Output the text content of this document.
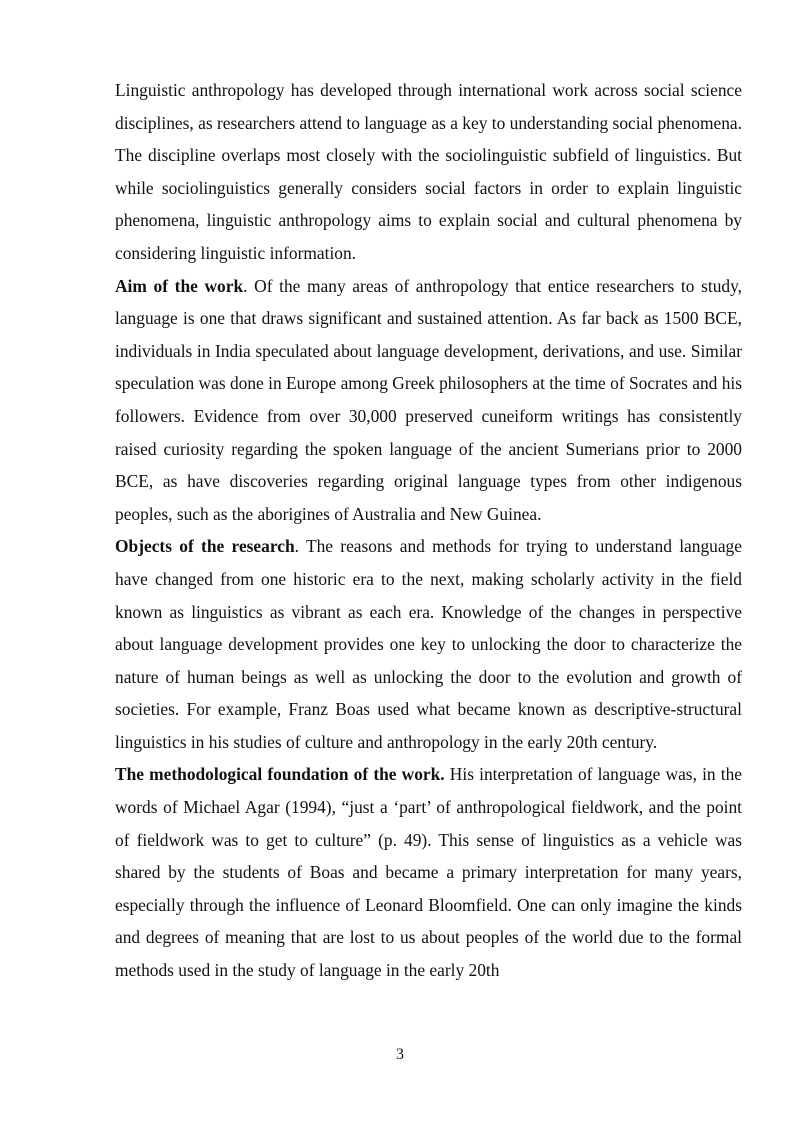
Linguistic anthropology has developed through international work across social science disciplines, as researchers attend to language as a key to understanding social phenomena. The discipline overlaps most closely with the sociolinguistic subfield of linguistics. But while sociolinguistics generally considers social factors in order to explain linguistic phenomena, linguistic anthropology aims to explain social and cultural phenomena by considering linguistic information.

Aim of the work. Of the many areas of anthropology that entice researchers to study, language is one that draws significant and sustained attention. As far back as 1500 BCE, individuals in India speculated about language development, derivations, and use. Similar speculation was done in Europe among Greek philosophers at the time of Socrates and his followers. Evidence from over 30,000 preserved cuneiform writings has consistently raised curiosity regarding the spoken language of the ancient Sumerians prior to 2000 BCE, as have discoveries regarding original language types from other indigenous peoples, such as the aborigines of Australia and New Guinea.

Objects of the research. The reasons and methods for trying to understand language have changed from one historic era to the next, making scholarly activity in the field known as linguistics as vibrant as each era. Knowledge of the changes in perspective about language development provides one key to unlocking the door to characterize the nature of human beings as well as unlocking the door to the evolution and growth of societies. For example, Franz Boas used what became known as descriptive-structural linguistics in his studies of culture and anthropology in the early 20th century.

The methodological foundation of the work. His interpretation of language was, in the words of Michael Agar (1994), “just a ‘part’ of anthropological fieldwork, and the point of fieldwork was to get to culture” (p. 49). This sense of linguistics as a vehicle was shared by the students of Boas and became a primary interpretation for many years, especially through the influence of Leonard Bloomfield. One can only imagine the kinds and degrees of meaning that are lost to us about peoples of the world due to the formal methods used in the study of language in the early 20th

3
